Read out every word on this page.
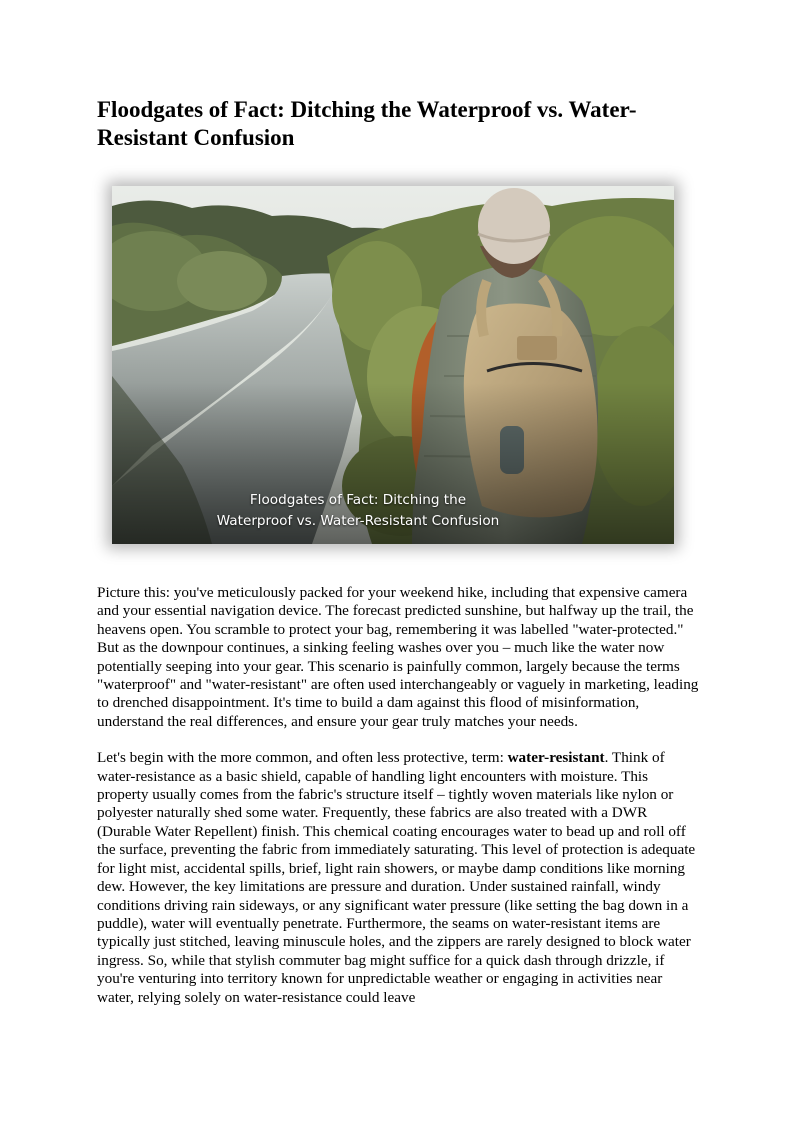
Floodgates of Fact: Ditching the Waterproof vs. Water-Resistant Confusion
Floodgates of Fact: Ditching the
Waterproof vs. Water-Resistant Confusion

Picture this: you've meticulously packed for your weekend hike, including that expensive camera and your essential navigation device. The forecast predicted sunshine, but halfway up the trail, the heavens open. You scramble to protect your bag, remembering it was labelled "water-protected." But as the downpour continues, a sinking feeling washes over you – much like the water now potentially seeping into your gear. This scenario is painfully common, largely because the terms "waterproof" and "water-resistant" are often used interchangeably or vaguely in marketing, leading to drenched disappointment. It's time to build a dam against this flood of misinformation, understand the real differences, and ensure your gear truly matches your needs.

Let's begin with the more common, and often less protective, term: water-resistant. Think of water-resistance as a basic shield, capable of handling light encounters with moisture. This property usually comes from the fabric's structure itself – tightly woven materials like nylon or polyester naturally shed some water. Frequently, these fabrics are also treated with a DWR (Durable Water Repellent) finish. This chemical coating encourages water to bead up and roll off the surface, preventing the fabric from immediately saturating. This level of protection is adequate for light mist, accidental spills, brief, light rain showers, or maybe damp conditions like morning dew. However, the key limitations are pressure and duration. Under sustained rainfall, windy conditions driving rain sideways, or any significant water pressure (like setting the bag down in a puddle), water will eventually penetrate. Furthermore, the seams on water-resistant items are typically just stitched, leaving minuscule holes, and the zippers are rarely designed to block water ingress. So, while that stylish commuter bag might suffice for a quick dash through drizzle, if you're venturing into territory known for unpredictable weather or engaging in activities near water, relying solely on water-resistance could leave
